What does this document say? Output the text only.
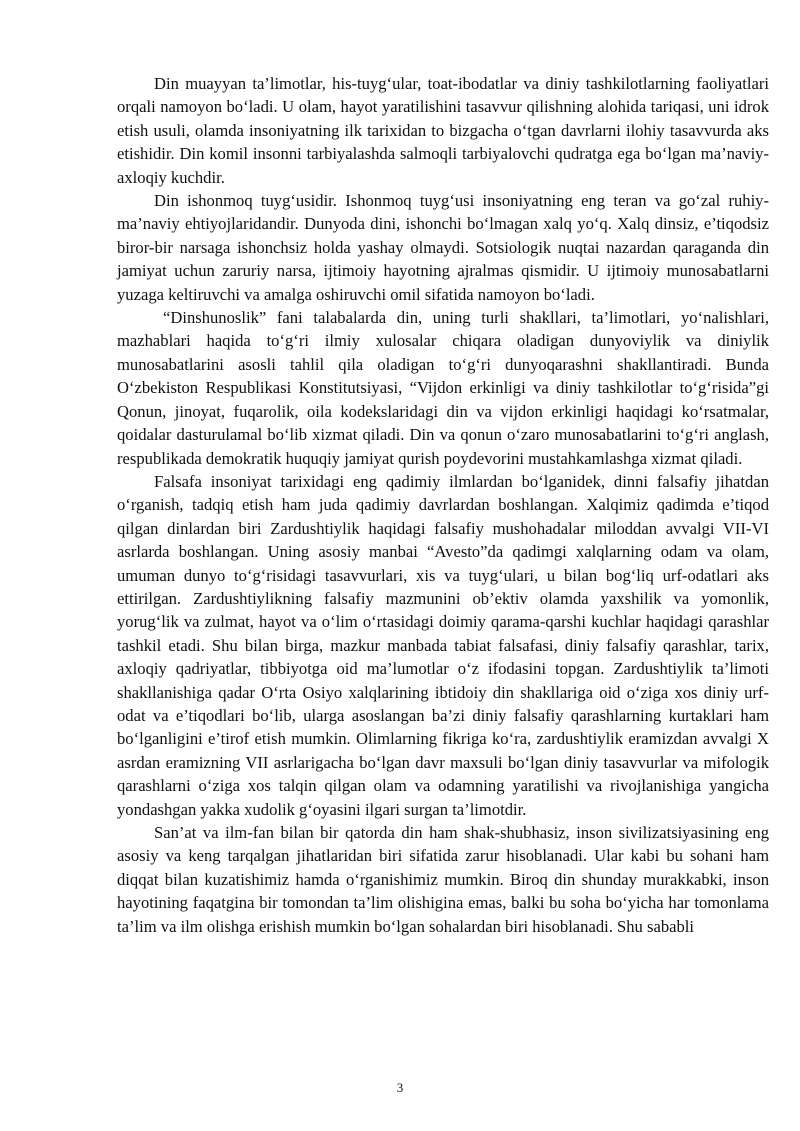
Din muayyan ta’limotlar, his-tuyg‘ular, toat-ibodatlar va diniy tashkilotlarning faoliyatlari orqali namoyon bo‘ladi. U olam, hayot yaratilishini tasavvur qilishning alohida tariqasi, uni idrok etish usuli, olamda insoniyatning ilk tarixidan to bizgacha o‘tgan davrlarni ilohiy tasavvurda aks etishidir. Din komil insonni tarbiyalashda salmoqli tarbiyalovchi qudratga ega bo‘lgan ma’naviy-axloqiy kuchdir.

Din ishonmoq tuyg‘usidir. Ishonmoq tuyg‘usi insoniyatning eng teran va go‘zal ruhiy-ma’naviy ehtiyojlaridandir. Dunyoda dini, ishonchi bo‘lmagan xalq yo‘q. Xalq dinsiz, e’tiqodsiz biror-bir narsaga ishonchsiz holda yashay olmaydi. Sotsiologik nuqtai nazardan qaraganda din jamiyat uchun zaruriy narsa, ijtimoiy hayotning ajralmas qismidir. U ijtimoiy munosabatlarni yuzaga keltiruvchi va amalga oshiruvchi omil sifatida namoyon bo‘ladi.

“Dinshunoslik” fani talabalarda din, uning turli shakllari, ta’limotlari, yo‘nalishlari, mazhablari haqida to‘g‘ri ilmiy xulosalar chiqara oladigan dunyoviylik va diniylik munosabatlarini asosli tahlil qila oladigan to‘g‘ri dunyoqarashni shakllantiradi. Bunda O‘zbekiston Respublikasi Konstitutsiyasi, “Vijdon erkinligi va diniy tashkilotlar to‘g‘risida”gi Qonun, jinoyat, fuqarolik, oila kodekslaridagi din va vijdon erkinligi haqidagi ko‘rsatmalar, qoidalar dasturulamal bo‘lib xizmat qiladi. Din va qonun o‘zaro munosabatlarini to‘g‘ri anglash, respublikada demokratik huquqiy jamiyat qurish poydevorini mustahkamlashga xizmat qiladi.

Falsafa insoniyat tarixidagi eng qadimiy ilmlardan bo‘lganidek, dinni falsafiy jihatdan o‘rganish, tadqiq etish ham juda qadimiy davrlardan boshlangan. Xalqimiz qadimda e’tiqod qilgan dinlardan biri Zardushtiylik haqidagi falsafiy mushohadalar miloddan avvalgi VII-VI asrlarda boshlangan. Uning asosiy manbai “Avesto”da qadimgi xalqlarning odam va olam, umuman dunyo to‘g‘risidagi tasavvurlari, xis va tuyg‘ulari, u bilan bog‘liq urf-odatlari aks ettirilgan. Zardushtiylikning falsafiy mazmunini ob’ektiv olamda yaxshilik va yomonlik, yorug‘lik va zulmat, hayot va o‘lim o‘rtasidagi doimiy qarama-qarshi kuchlar haqidagi qarashlar tashkil etadi. Shu bilan birga, mazkur manbada tabiat falsafasi, diniy falsafiy qarashlar, tarix, axloqiy qadriyatlar, tibbiyotga oid ma’lumotlar o‘z ifodasini topgan. Zardushtiylik ta’limoti shakllanishiga qadar O‘rta Osiyo xalqlarining ibtidoiy din shakllariga oid o‘ziga xos diniy urf-odat va e’tiqodlari bo‘lib, ularga asoslangan ba’zi diniy falsafiy qarashlarning kurtaklari ham bo‘lganligini e’tirof etish mumkin. Olimlarning fikriga ko‘ra, zardushtiylik eramizdan avvalgi X asrdan eramizning VII asrlarigacha bo‘lgan davr maxsuli bo‘lgan diniy tasavvurlar va mifologik qarashlarni o‘ziga xos talqin qilgan olam va odamning yaratilishi va rivojlanishiga yangicha yondashgan yakka xudolik g‘oyasini ilgari surgan ta’limotdir.

San’at va ilm-fan bilan bir qatorda din ham shak-shubhasiz, inson sivilizatsiyasining eng asosiy va keng tarqalgan jihatlaridan biri sifatida zarur hisoblanadi. Ular kabi bu sohani ham diqqat bilan kuzatishimiz hamda o‘rganishimiz mumkin. Biroq din shunday murakkabki, inson hayotining faqatgina bir tomondan ta’lim olishigina emas, balki bu soha bo‘yicha har tomonlama ta’lim va ilm olishga erishish mumkin bo‘lgan sohalardan biri hisoblanadi. Shu sababli

3
